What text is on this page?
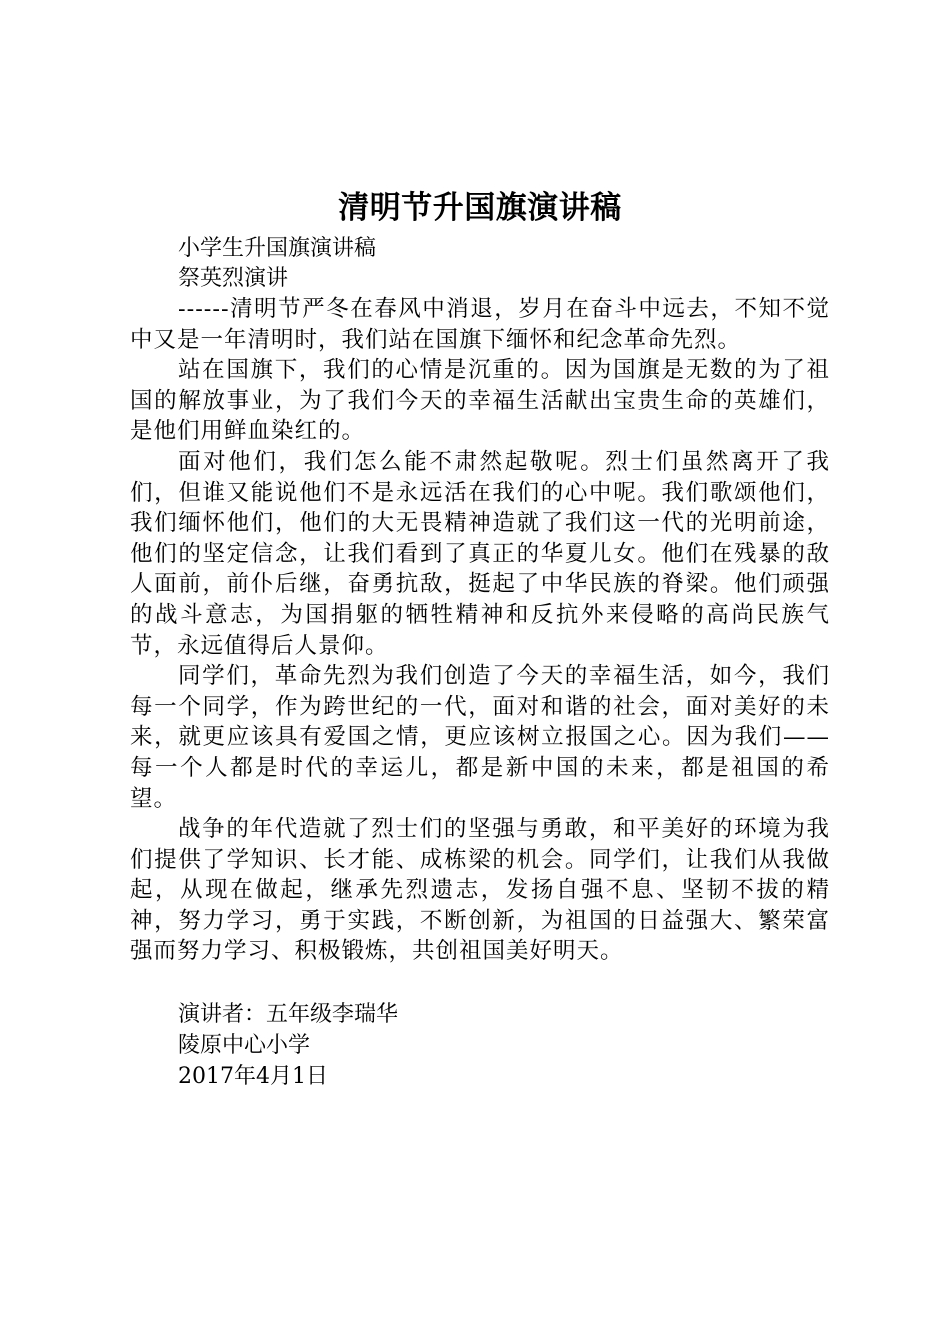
清明节升国旗演讲稿

小学生升国旗演讲稿

祭英烈演讲

------清明节严冬在春风中消退，岁月在奋斗中远去，不知不觉中又是一年清明时，我们站在国旗下缅怀和纪念革命先烈。

站在国旗下，我们的心情是沉重的。因为国旗是无数的为了祖国的解放事业，为了我们今天的幸福生活献出宝贵生命的英雄们，是他们用鲜血染红的。

面对他们，我们怎么能不肃然起敬呢。烈士们虽然离开了我们，但谁又能说他们不是永远活在我们的心中呢。我们歌颂他们，我们缅怀他们，他们的大无畏精神造就了我们这一代的光明前途，他们的坚定信念，让我们看到了真正的华夏儿女。他们在残暴的敌人面前，前仆后继，奋勇抗敌，挺起了中华民族的脊梁。他们顽强的战斗意志，为国捐躯的牺牲精神和反抗外来侵略的高尚民族气节，永远值得后人景仰。

同学们，革命先烈为我们创造了今天的幸福生活，如今，我们每一个同学，作为跨世纪的一代，面对和谐的社会，面对美好的未来，就更应该具有爱国之情，更应该树立报国之心。因为我们——每一个人都是时代的幸运儿，都是新中国的未来，都是祖国的希望。

战争的年代造就了烈士们的坚强与勇敢，和平美好的环境为我们提供了学知识、长才能、成栋梁的机会。同学们，让我们从我做起，从现在做起，继承先烈遗志，发扬自强不息、坚韧不拔的精神，努力学习，勇于实践，不断创新，为祖国的日益强大、繁荣富强而努力学习、积极锻炼，共创祖国美好明天。

演讲者：五年级李瑞华

陵原中心小学

2017年4月1日
